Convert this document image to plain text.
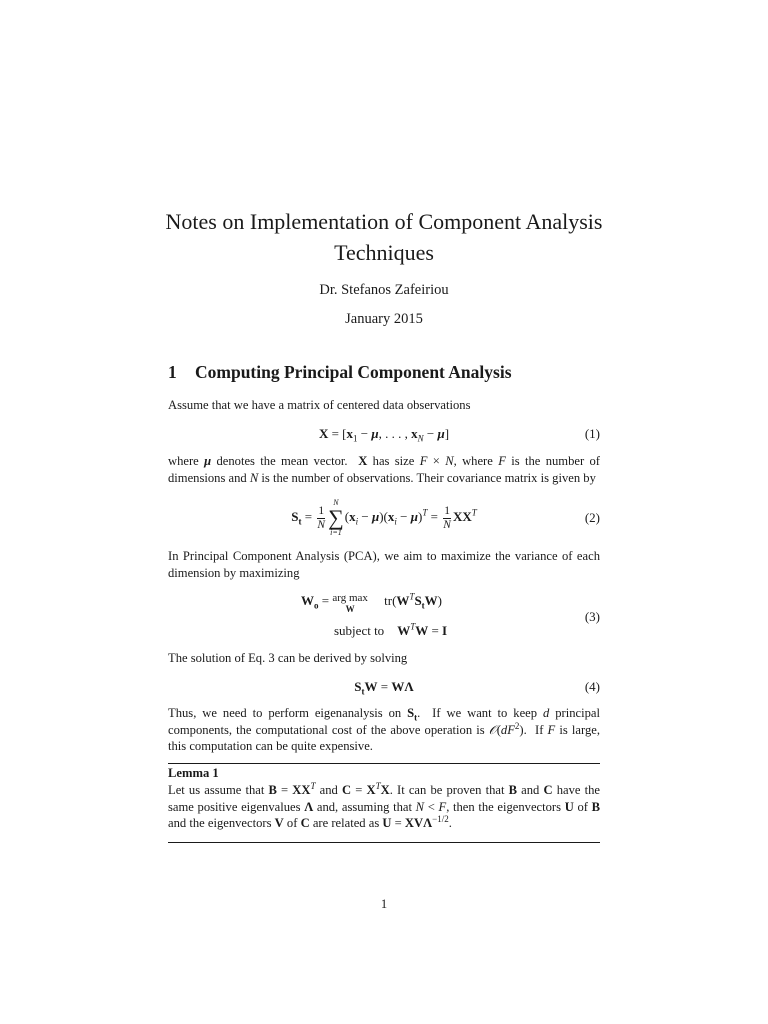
Notes on Implementation of Component Analysis
Techniques
Dr. Stefanos Zafeiriou
January 2015
1 Computing Principal Component Analysis
Assume that we have a matrix of centered data observations
$X = [x_1 - \mu$, . . . , $x_N - \mu$]	(1)
where μ denotes the mean vector.  X has size F × N, where F is the number of dimensions and N is the number of observations. Their covariance matrix is given by
$S_t = \frac{1}{N}$
N
∑
i=1
$(x_i - \mu)(x_i - \mu)^T = \frac{1}{N} XX^T$	(2)
In Principal Component Analysis (PCA), we aim to maximize the variance of each dimension by maximizing
$W_o$ = arg max
W
$tr(W^TS_tW)$
subject to $W^TW = I$
(3)
The solution of Eq. 3 can be derived by solving
$S_tW = W\Lambda$	(4)
Thus, we need to perform eigenanalysis on $S_t$.  If we want to keep d principal components, the computational cost of the above operation is $𝒪(dF^2)$.  If F is large, this computation can be quite expensive.
Lemma 1
Let us assume that $B = XX^T$ and $C = X^TX$. It can be proven that B and C have the same positive eigenvalues Λ and, assuming that N < F, then the eigenvectors U of B and the eigenvectors V of C are related as $U = XV\Lambda^{-1/2}$.
1
